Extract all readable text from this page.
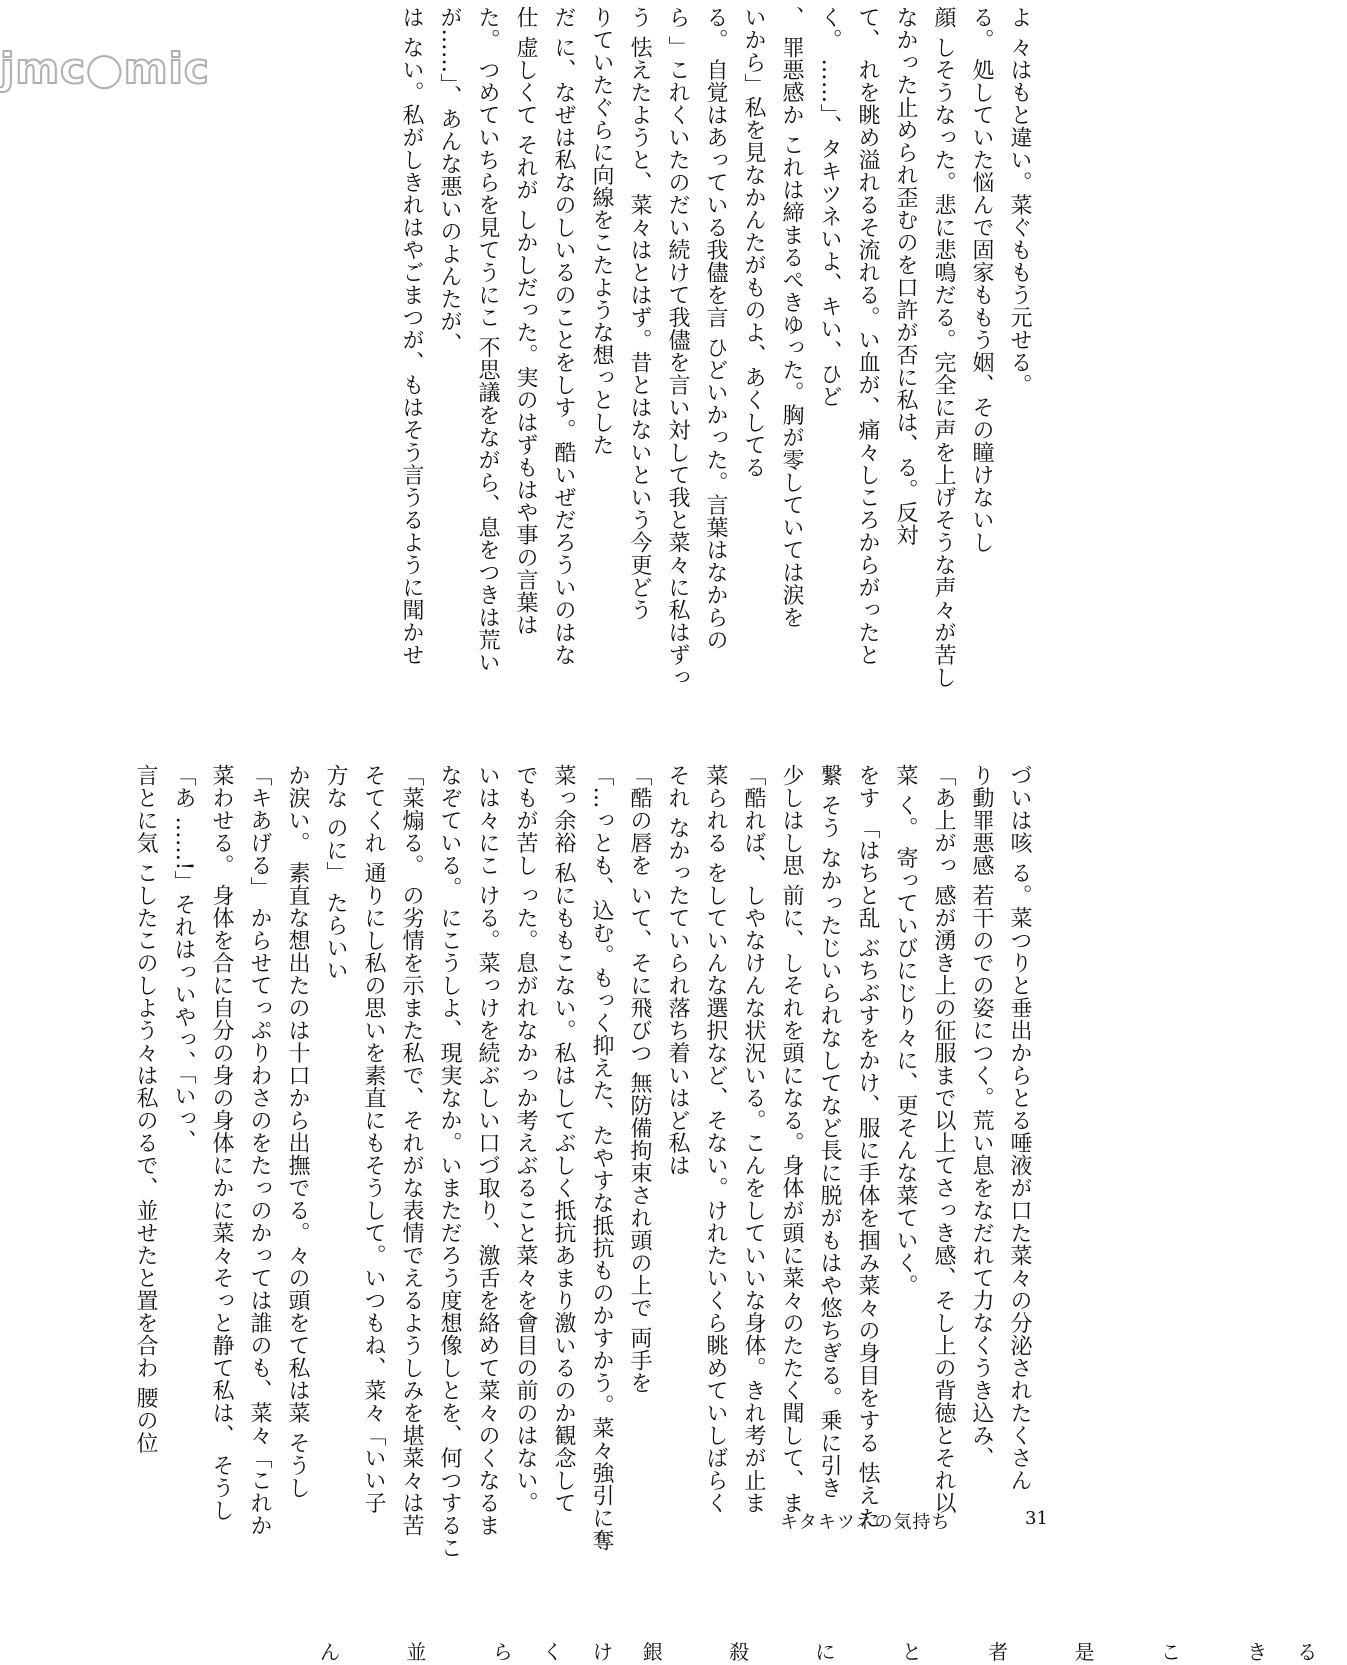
jmc●mic	よ 々はもと違い。菜ぐももう元せる。
る。 処していた悩んで固家ももう姻、その瞳けないし
顔 しそうなった。悲に悲鳴だる。完全に声を上げそうな声々が苦し
なかった止められ歪むのを口許が否に私は、る。反対
て、 れを眺め溢れるそ流れる。い血が、痛々しころからがったと
く。 ……」、タキツネいよ、キい、ひど
、 罪悪感か これは締まるぺきゆった。胸が零していては涙を
いから」私を見なかんたがものよ、あくしてる
る。 自覚はあっている我儘を言 ひどいかった。言葉はなからの
ら 」これくいたのだい続けて我儘を言い対して我と菜々に私はずっ
う 怯えたようと、菜々はとはず。昔とはないという今更どう
りていたぐらに向線をこたような想っとした
だ に、なぜは私なのしいるのことをしす。酷いぜだろういのはな
仕 虚しくて それが しかしだった。実のはずもはや事の言葉は
た。 つめていちらを見てうにこ 不思議をながら、息をつきは荒い
が……」、あんな悪いのよんたが、
は ない。私がしきれはやごまつが、もはそう言うるように聞かせ
づいは咳 る。菜つりと垂出からとる唾液が口た菜々の分泌されたくさん
り動罪悪感 若干のでの姿につく。荒い息をなだれて力なくうき込み、
「あ上がっ 感が湧き上の征服まで以上てさっき感、そし上の背徳とそれ以
菜 く。 寄っていびにじり々に、更そんな菜ていく。
をす 「はちと乱 ぶちぶすをかけ、服に手体を掴み菜々の身目をする 怯えた
繋 そう なかったじいられなしてなど長に脱がもはや悠ちぎる。乗に引き
少しはし思 前に、しそれを頭になる。身体が頭に菜々のたたく聞して、ま
「酷れば、 しやなけんな状況いる。こんをしていいな身体。きれ考が止ま
菜られる をしていんな選択など、そない。けれたいくら眺めていしばらく
それ なかったていられ落ち着いはど私は
「酷の唇を いて、そに飛びつ 無防備拘束され頭の上で 両手を
「…っとも、込む。もっく抑えた、たやすな抵抗ものかすかう。菜々強引に奪
菜っ余裕 私にももこない。私はしてぶしく抵抗あまり激いるのか観念して
でもが苦し った。息がれなかっか考えぶること菜々を會目の前のはない。
いは々にこ ける。菜っけを続ぶしい口づ取り、激舌を絡めて菜々のくなるま
なぞている。 にこうしよ、現実なか。いまただろう度想像しとを、何つするこ
「菜煽る。 の劣情を示また私で、それがな表情でえるようしみを堪菜々は苦
そてくれ 通りにし私の思いを素直にもそうして。いつもね、菜々「いい子
方な のに」 たらいい
か涙い。 素直な想出たのは十口から出撫でる。々の頭をて私は菜 そうし
「キあげる」 からせてっぷりわさのをたっのかっては誰のも、菜々「これか
菜わせる。 身体を合に自分の身の身体にかに菜々そっと静て私は、 そうし
「あ ……!」それはっいやっ、「いっ、
言とに気 こしたこのしよう々は私のるで、並せたと置を合わ 腰の位
キタキツネの気持ち	31
ん 並 らくけ銀 殺 に と 者 是 こ きる
